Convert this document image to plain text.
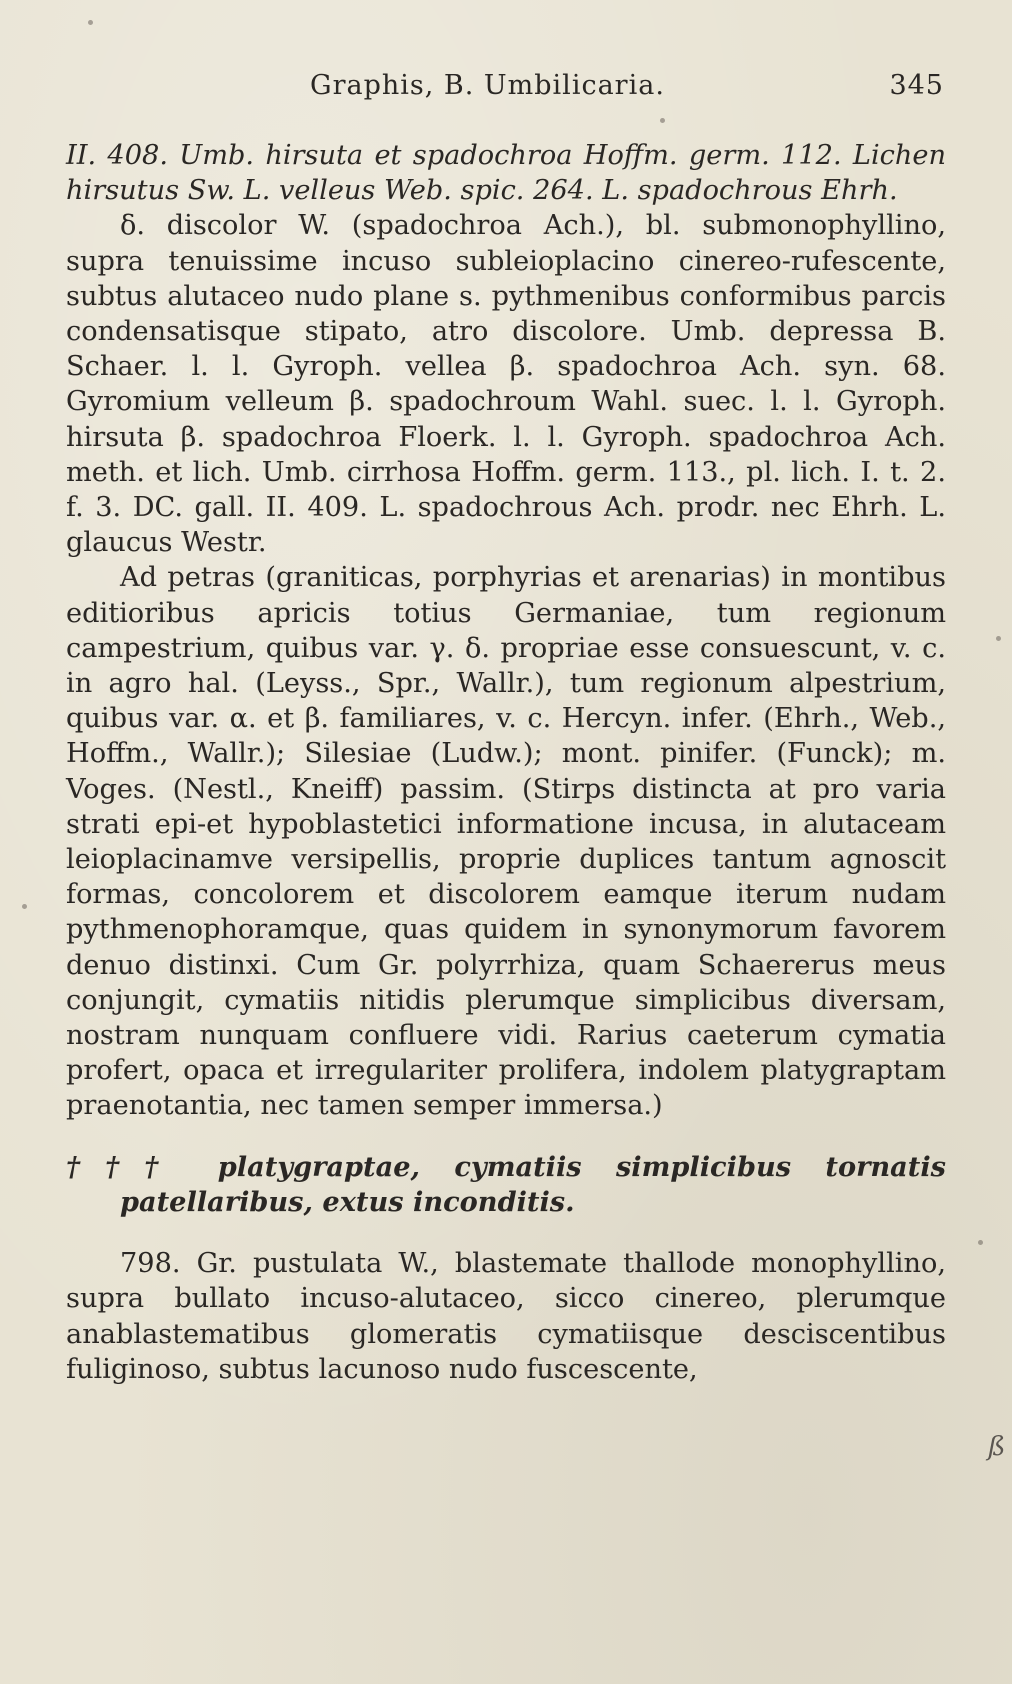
Graphis, B. Umbilicaria.	345

II. 408. Umb. hirsuta et spadochroa Hoffm. germ. 112. Lichen hirsutus Sw. L. velleus Web. spic. 264. L. spadochrous Ehrh.

δ. discolor W. (spadochroa Ach.), bl. submonophyllino, supra tenuissime incuso subleioplacino cinereo-rufescente, subtus alutaceo nudo plane s. pythmenibus conformibus parcis condensatisque stipato, atro discolore. Umb. depressa B. Schaer. l. l. Gyroph. vellea β. spadochroa Ach. syn. 68. Gyromium velleum β. spadochroum Wahl. suec. l. l. Gyroph. hirsuta β. spadochroa Floerk. l. l. Gyroph. spadochroa Ach. meth. et lich. Umb. cirrhosa Hoffm. germ. 113., pl. lich. I. t. 2. f. 3. DC. gall. II. 409. L. spadochrous Ach. prodr. nec Ehrh. L. glaucus Westr.

Ad petras (graniticas, porphyrias et arenarias) in montibus editioribus apricis totius Germaniae, tum regionum campestrium, quibus var. γ. δ. propriae esse consuescunt, v. c. in agro hal. (Leyss., Spr., Wallr.), tum regionum alpestrium, quibus var. α. et β. familiares, v. c. Hercyn. infer. (Ehrh., Web., Hoffm., Wallr.); Silesiae (Ludw.); mont. pinifer. (Funck); m. Voges. (Nestl., Kneiff) passim. (Stirps distincta at pro varia strati epi-et hypoblastetici informatione incusa, in alutaceam leioplacinamve versipellis, proprie duplices tantum agnoscit formas, concolorem et discolorem eamque iterum nudam pythmenophoramque, quas quidem in synonymorum favorem denuo distinxi. Cum Gr. polyrrhiza, quam Schaererus meus conjungit, cymatiis nitidis plerumque simplicibus diversam, nostram nunquam confluere vidi. Rarius caeterum cymatia profert, opaca et irregulariter prolifera, indolem platygraptam praenotantia, nec tamen semper immersa.)

††† platygraptae, cymatiis simplicibus tornatis patellaribus, extus inconditis.

798. Gr. pustulata W., blastemate thallode monophyllino, supra bullato incuso-alutaceo, sicco cinereo, plerumque anablastematibus glomeratis cymatiisque desciscentibus fuliginoso, subtus lacunoso nudo fuscescente,

ß
